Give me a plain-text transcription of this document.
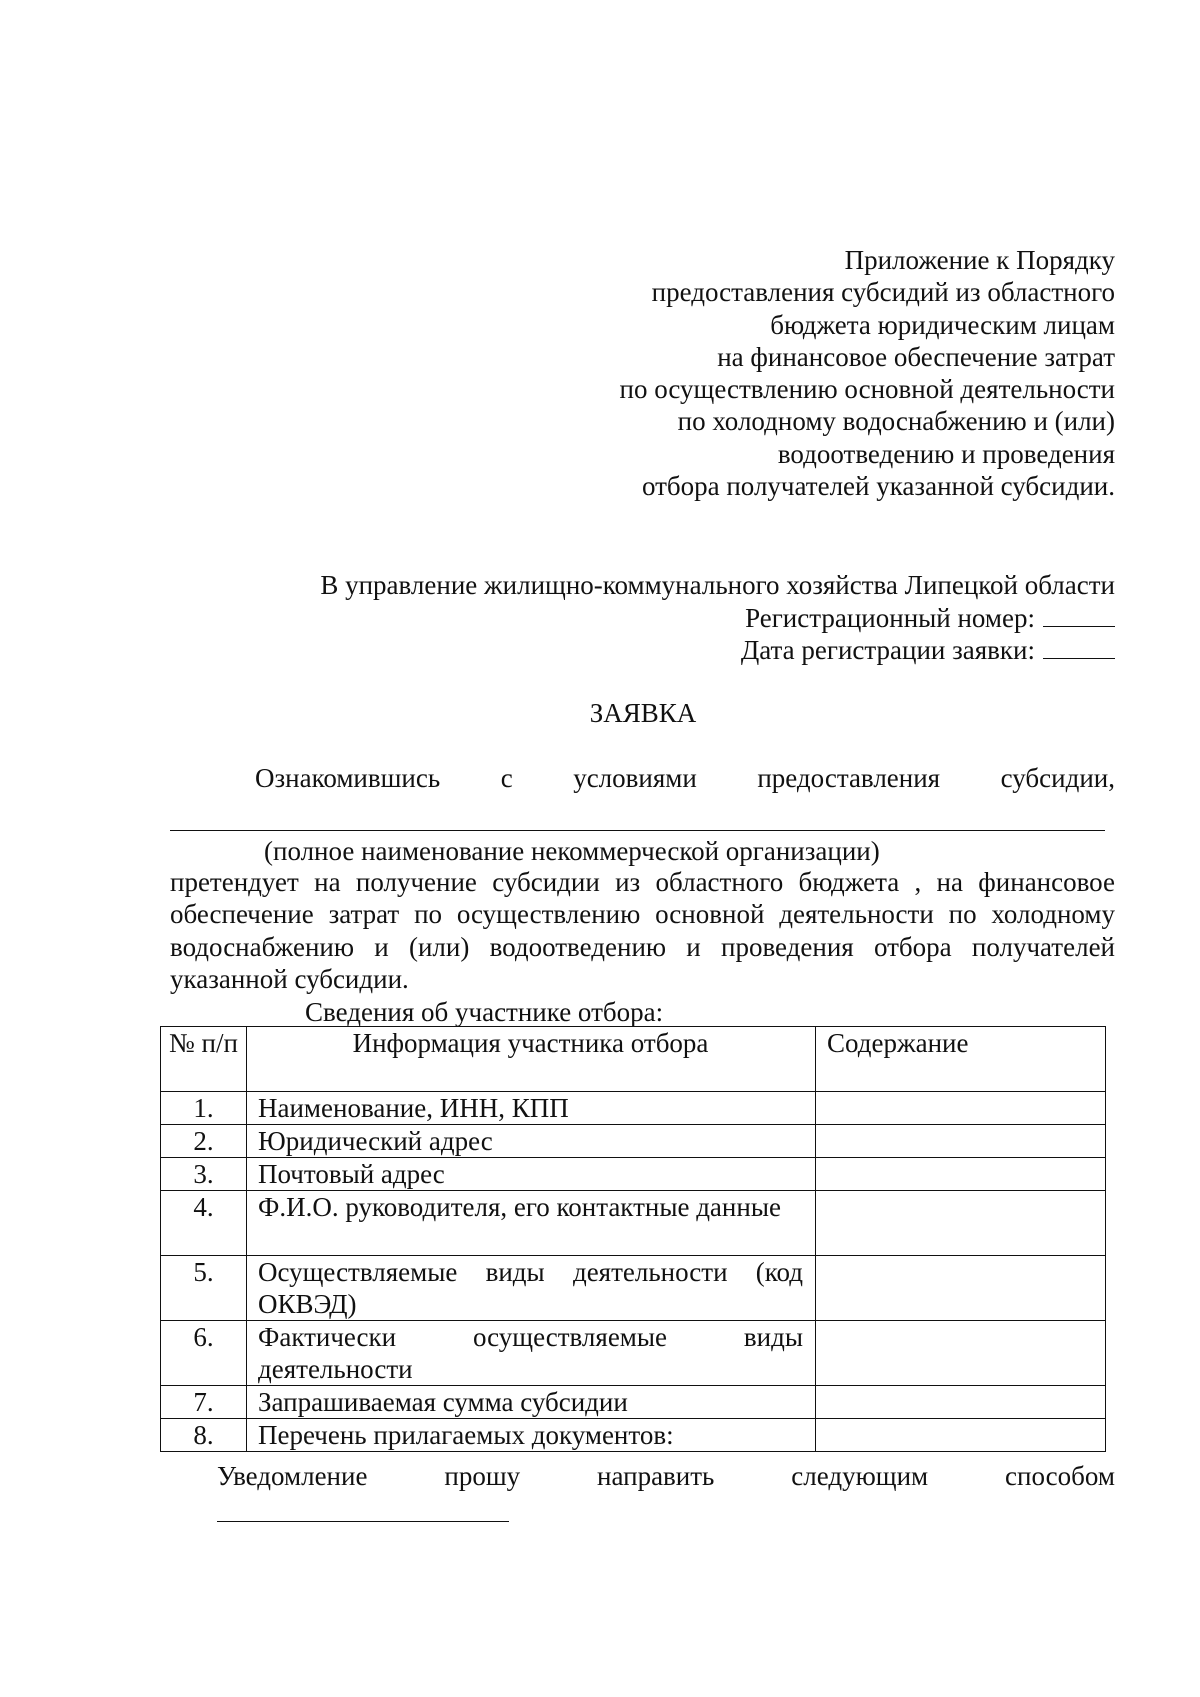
Приложение к Порядку
предоставления субсидий из областного
бюджета юридическим лицам
на финансовое обеспечение затрат
по осуществлению основной деятельности
по холодному водоснабжению и (или)
водоотведению и проведения
отбора получателей указанной субсидии.
В управление жилищно-коммунального хозяйства Липецкой области
Регистрационный номер:
Дата регистрации заявки:
ЗАЯВКА
Ознакомившись с условиями предоставления субсидии,
(полное наименование некоммерческой организации)
претендует на получение субсидии из областного бюджета , на финансовое обеспечение затрат по осуществлению основной деятельности по холодному водоснабжению и (или) водоотведению и проведения отбора получателей указанной субсидии.
Сведения об участнике отбора:
№ п/п	Информация участника отбора	Содержание
1.	Наименование, ИНН, КПП	
2.	Юридический адрес	
3.	Почтовый адрес	
4.	Ф.И.О. руководителя, его контактные данные	
5.	Осуществляемые виды деятельности (код ОКВЭД)	
6.	Фактически осуществляемые виды деятельности	
7.	Запрашиваемая сумма субсидии	
8.	Перечень прилагаемых документов:	
Уведомление	прошу	направить	следующим	способом
